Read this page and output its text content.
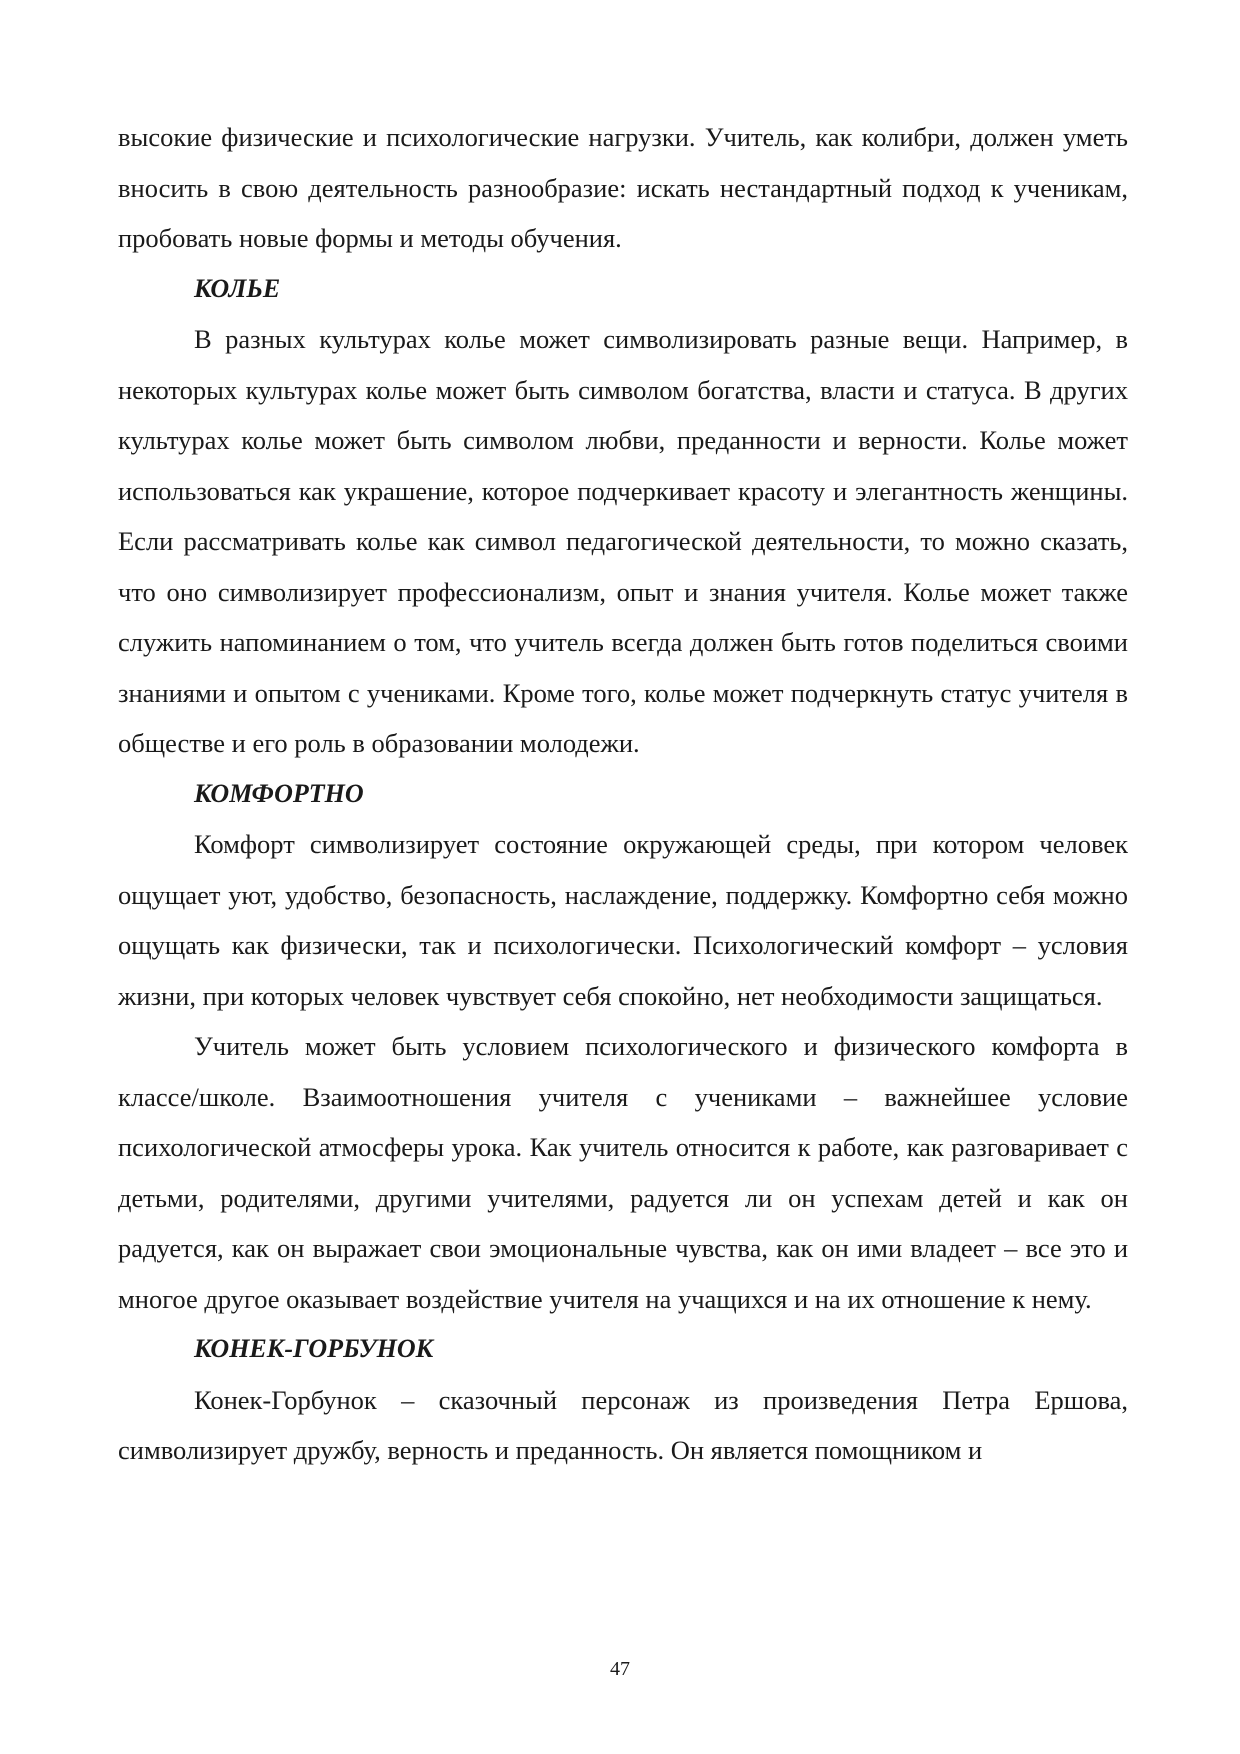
высокие физические и психологические нагрузки. Учитель, как колибри, должен уметь вносить в свою деятельность разнообразие: искать нестандартный подход к ученикам, пробовать новые формы и методы обучения.

КОЛЬЕ

В разных культурах колье может символизировать разные вещи. Например, в некоторых культурах колье может быть символом богатства, власти и статуса. В других культурах колье может быть символом любви, преданности и верности. Колье может использоваться как украшение, которое подчеркивает красоту и элегантность женщины. Если рассматривать колье как символ педагогической деятельности, то можно сказать, что оно символизирует профессионализм, опыт и знания учителя. Колье может также служить напоминанием о том, что учитель всегда должен быть готов поделиться своими знаниями и опытом с учениками. Кроме того, колье может подчеркнуть статус учителя в обществе и его роль в образовании молодежи.

КОМФОРТНО

Комфорт символизирует состояние окружающей среды, при котором человек ощущает уют, удобство, безопасность, наслаждение, поддержку. Комфортно себя можно ощущать как физически, так и психологически. Психологический комфорт – условия жизни, при которых человек чувствует себя спокойно, нет необходимости защищаться.

Учитель может быть условием психологического и физического комфорта в классе/школе. Взаимоотношения учителя с учениками – важнейшее условие психологической атмосферы урока. Как учитель относится к работе, как разговаривает с детьми, родителями, другими учителями, радуется ли он успехам детей и как он радуется, как он выражает свои эмоциональные чувства, как он ими владеет – все это и многое другое оказывает воздействие учителя на учащихся и на их отношение к нему.

КОНЕК-ГОРБУНОК

Конек-Горбунок – сказочный персонаж из произведения Петра Ершова, символизирует дружбу, верность и преданность. Он является помощником и

47
